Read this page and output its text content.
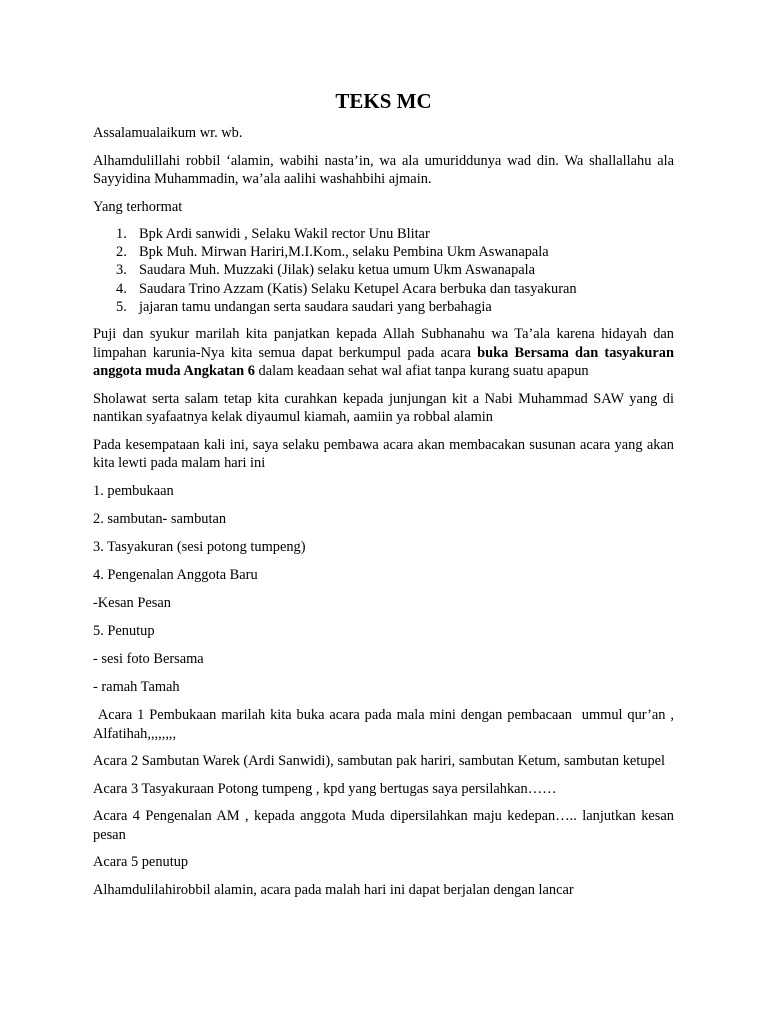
TEKS MC

Assalamualaikum wr. wb.

Alhamdulillahi robbil ‘alamin, wabihi nasta’in, wa ala umuriddunya wad din. Wa shallallahu ala Sayyidina Muhammadin, wa’ala aalihi washahbihi ajmain.

Yang terhormat

1. Bpk Ardi sanwidi , Selaku Wakil rector Unu Blitar
2. Bpk Muh. Mirwan Hariri,M.I.Kom., selaku Pembina Ukm Aswanapala
3. Saudara Muh. Muzzaki (Jilak) selaku ketua umum Ukm Aswanapala
4. Saudara Trino Azzam (Katis) Selaku Ketupel Acara berbuka dan tasyakuran
5. jajaran tamu undangan serta saudara saudari yang berbahagia

Puji dan syukur marilah kita panjatkan kepada Allah Subhanahu wa Ta’ala karena hidayah dan limpahan karunia-Nya kita semua dapat berkumpul pada acara buka Bersama dan tasyakuran anggota muda Angkatan 6 dalam keadaan sehat wal afiat tanpa kurang suatu apapun

Sholawat serta salam tetap kita curahkan kepada junjungan kit a Nabi Muhammad SAW yang di nantikan syafaatnya kelak diyaumul kiamah, aamiin ya robbal alamin

Pada kesempataan kali ini, saya selaku pembawa acara akan membacakan susunan acara yang akan kita lewti pada malam hari ini

1. pembukaan

2. sambutan- sambutan

3. Tasyakuran (sesi potong tumpeng)

4. Pengenalan Anggota Baru

-Kesan Pesan

5. Penutup

- sesi foto Bersama

- ramah Tamah

Acara 1 Pembukaan marilah kita buka acara pada mala mini dengan pembacaan  ummul qur’an , Alfatihah,,,,,,,,

Acara 2 Sambutan Warek (Ardi Sanwidi), sambutan pak hariri, sambutan Ketum, sambutan ketupel

Acara 3 Tasyakuraan Potong tumpeng , kpd yang bertugas saya persilahkan……

Acara 4 Pengenalan AM , kepada anggota Muda dipersilahkan maju kedepan….. lanjutkan kesan pesan

Acara 5 penutup

Alhamdulilahirobbil alamin, acara pada malah hari ini dapat berjalan dengan lancar
